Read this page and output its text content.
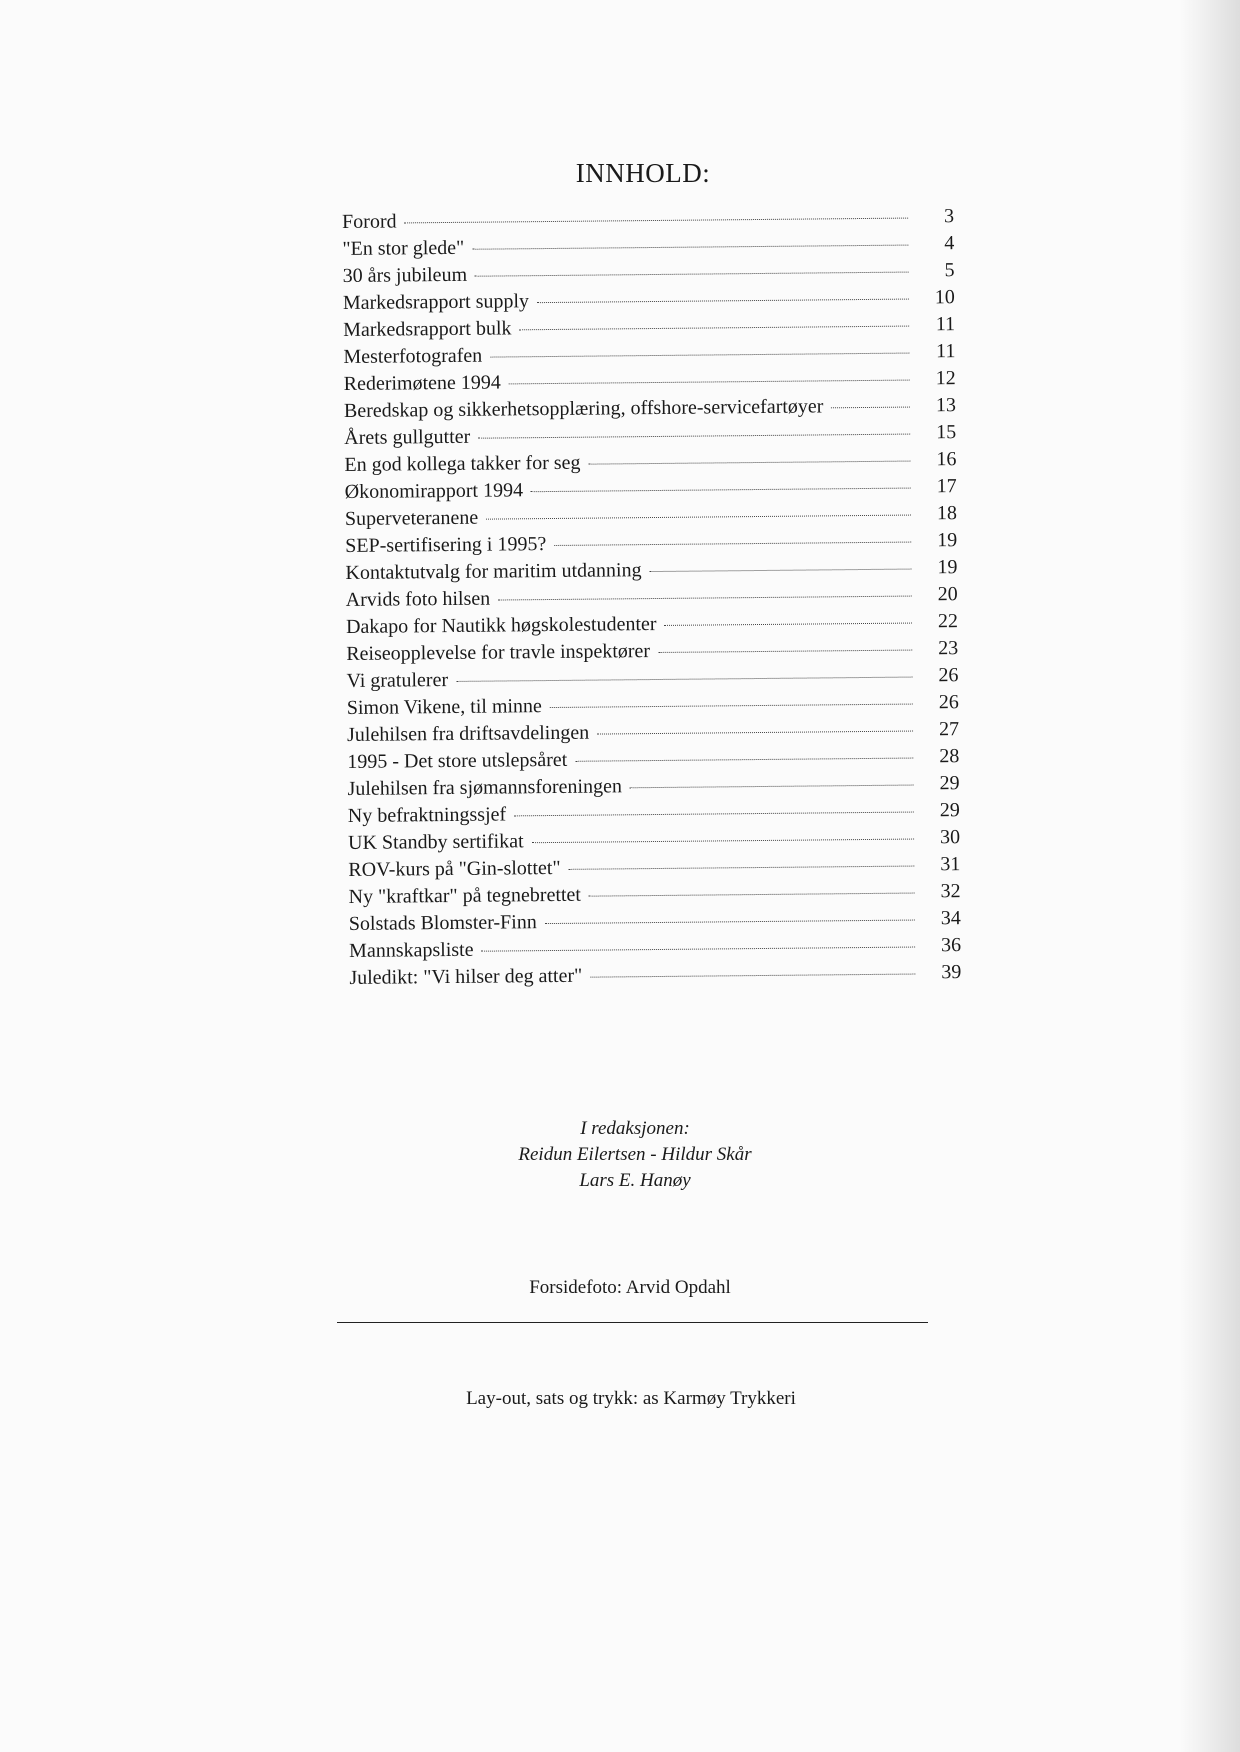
INNHOLD:
Forord	3
"En stor glede"	4
30 års jubileum	5
Markedsrapport supply	10
Markedsrapport bulk	11
Mesterfotografen	11
Rederimøtene 1994	12
Beredskap og sikkerhetsopplæring, offshore-servicefartøyer	13
Årets gullgutter	15
En god kollega takker for seg	16
Økonomirapport 1994	17
Superveteranene	18
SEP-sertifisering i 1995?	19
Kontaktutvalg for maritim utdanning	19
Arvids foto hilsen	20
Dakapo for Nautikk høgskolestudenter	22
Reiseopplevelse for travle inspektører	23
Vi gratulerer	26
Simon Vikene, til minne	26
Julehilsen fra driftsavdelingen	27
1995 - Det store utslepsåret	28
Julehilsen fra sjømannsforeningen	29
Ny befraktningssjef	29
UK Standby sertifikat	30
ROV-kurs på "Gin-slottet"	31
Ny "kraftkar" på tegnebrettet	32
Solstads Blomster-Finn	34
Mannskapsliste	36
Juledikt: "Vi hilser deg atter"	39
I redaksjonen:
Reidun Eilertsen - Hildur Skår
Lars E. Hanøy
Forsidefoto: Arvid Opdahl
Lay-out, sats og trykk: as Karmøy Trykkeri
